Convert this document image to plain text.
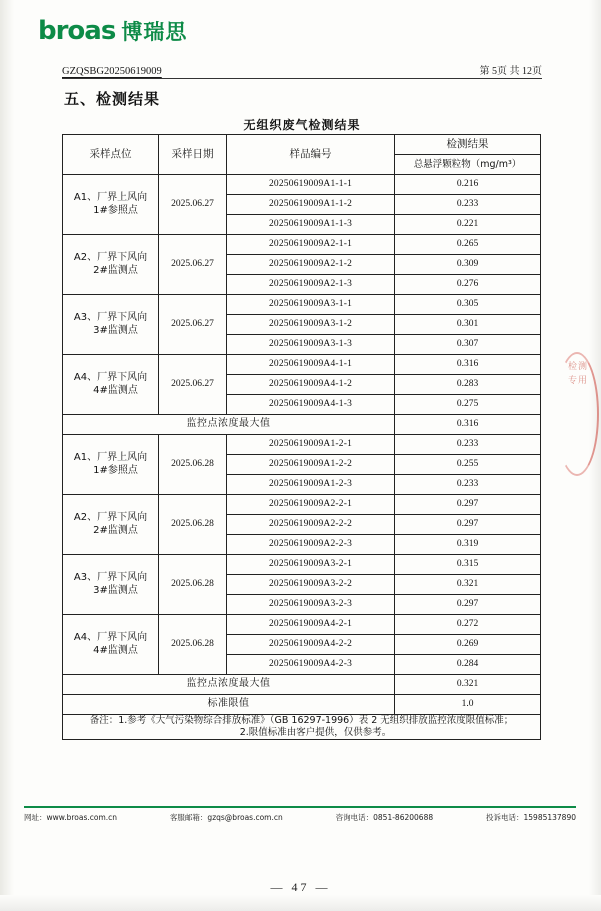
broas 博瑞思
GZQSBG20250619009	第 5页 共 12页
五、检测结果
无组织废气检测结果
检测专用
采样点位	采样日期	样品编号	检测结果
			总悬浮颗粒物（mg/m³）

A1、厂界上风向
1#参照点	2025.06.27	20250619009A1-1-1	0.216
		20250619009A1-1-2	0.233
		20250619009A1-1-3	0.221

A2、厂界下风向
2#监测点	2025.06.27	20250619009A2-1-1	0.265
		20250619009A2-1-2	0.309
		20250619009A2-1-3	0.276

A3、厂界下风向
3#监测点	2025.06.27	20250619009A3-1-1	0.305
		20250619009A3-1-2	0.301
		20250619009A3-1-3	0.307

A4、厂界下风向
4#监测点	2025.06.27	20250619009A4-1-1	0.316
		20250619009A4-1-2	0.283
		20250619009A4-1-3	0.275
监控点浓度最大值			0.316

A1、厂界上风向
1#参照点	2025.06.28	20250619009A1-2-1	0.233
		20250619009A1-2-2	0.255
		20250619009A1-2-3	0.233

A2、厂界下风向
2#监测点	2025.06.28	20250619009A2-2-1	0.297
		20250619009A2-2-2	0.297
		20250619009A2-2-3	0.319

A3、厂界下风向
3#监测点	2025.06.28	20250619009A3-2-1	0.315
		20250619009A3-2-2	0.321
		20250619009A3-2-3	0.297

A4、厂界下风向
4#监测点	2025.06.28	20250619009A4-2-1	0.272
		20250619009A4-2-2	0.269
		20250619009A4-2-3	0.284
监控点浓度最大值			0.321
标准限值			1.0

备注：1.参考《大气污染物综合排放标准》（GB 16297-1996）表 2 无组织排放监控浓度限值标准；
2.限值标准由客户提供，仅供参考。			
网址：www.broas.com.cn	客服邮箱：gzqs@broas.com.cn	咨询电话：0851-86200688	投诉电话：15985137890
— 47 —
